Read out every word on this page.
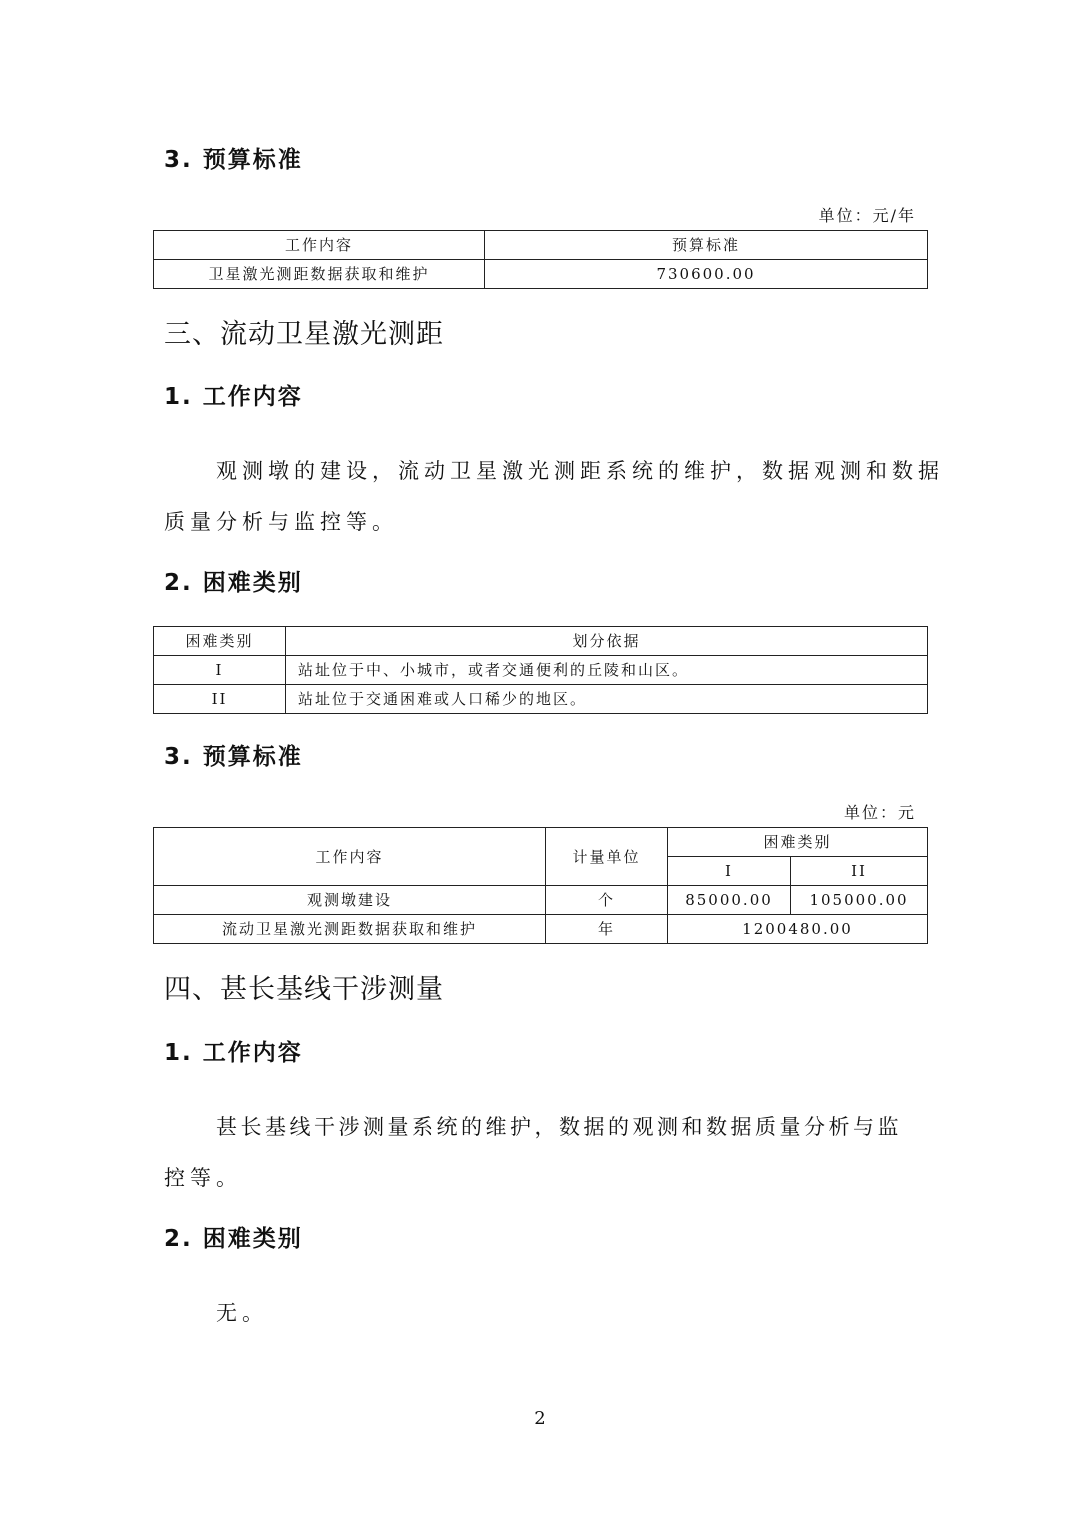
3. 预算标准
单位：元/年
工作内容	预算标准
卫星激光测距数据获取和维护	730600.00
三、流动卫星激光测距
1. 工作内容
观测墩的建设，流动卫星激光测距系统的维护，数据观测和数据
质量分析与监控等。
2. 困难类别
困难类别	划分依据
I	站址位于中、小城市，或者交通便利的丘陵和山区。
II	站址位于交通困难或人口稀少的地区。
3. 预算标准
单位：元
工作内容	计量单位	困难类别	
		I	II
观测墩建设	个	85000.00	105000.00
流动卫星激光测距数据获取和维护	年	1200480.00	
四、甚长基线干涉测量
1. 工作内容
甚长基线干涉测量系统的维护，数据的观测和数据质量分析与监
控等。
2. 困难类别
无。
2
